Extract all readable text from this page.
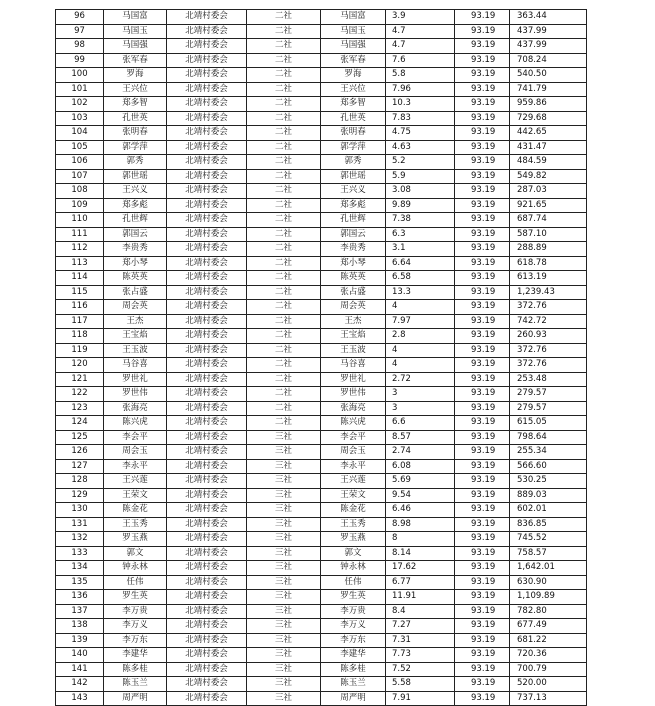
96	马国富	北靖村委会	二社	马国富	3.9	93.19	363.44
97	马国玉	北靖村委会	二社	马国玉	4.7	93.19	437.99
98	马国强	北靖村委会	二社	马国强	4.7	93.19	437.99
99	张军春	北靖村委会	二社	张军春	7.6	93.19	708.24
100	罗海	北靖村委会	二社	罗海	5.8	93.19	540.50
101	王兴位	北靖村委会	二社	王兴位	7.96	93.19	741.79
102	郑多智	北靖村委会	二社	郑多智	10.3	93.19	959.86
103	孔世英	北靖村委会	二社	孔世英	7.83	93.19	729.68
104	张明春	北靖村委会	二社	张明春	4.75	93.19	442.65
105	郭学萍	北靖村委会	二社	郭学萍	4.63	93.19	431.47
106	郭秀	北靖村委会	二社	郭秀	5.2	93.19	484.59
107	郭世瑶	北靖村委会	二社	郭世瑶	5.9	93.19	549.82
108	王兴义	北靖村委会	二社	王兴义	3.08	93.19	287.03
109	郑多彪	北靖村委会	二社	郑多彪	9.89	93.19	921.65
110	孔世辉	北靖村委会	二社	孔世辉	7.38	93.19	687.74
111	郭国云	北靖村委会	二社	郭国云	6.3	93.19	587.10
112	李贵秀	北靖村委会	二社	李贵秀	3.1	93.19	288.89
113	郑小琴	北靖村委会	二社	郑小琴	6.64	93.19	618.78
114	陈英英	北靖村委会	二社	陈英英	6.58	93.19	613.19
115	张占盛	北靖村委会	二社	张占盛	13.3	93.19	1,239.43
116	周会英	北靖村委会	二社	周会英	4	93.19	372.76
117	王杰	北靖村委会	二社	王杰	7.97	93.19	742.72
118	王宝焰	北靖村委会	二社	王宝焰	2.8	93.19	260.93
119	王玉波	北靖村委会	二社	王玉波	4	93.19	372.76
120	马谷喜	北靖村委会	二社	马谷喜	4	93.19	372.76
121	罗世礼	北靖村委会	二社	罗世礼	2.72	93.19	253.48
122	罗世伟	北靖村委会	二社	罗世伟	3	93.19	279.57
123	张海亮	北靖村委会	二社	张海亮	3	93.19	279.57
124	陈兴虎	北靖村委会	二社	陈兴虎	6.6	93.19	615.05
125	李会平	北靖村委会	三社	李会平	8.57	93.19	798.64
126	周会玉	北靖村委会	三社	周会玉	2.74	93.19	255.34
127	李永平	北靖村委会	三社	李永平	6.08	93.19	566.60
128	王兴莲	北靖村委会	三社	王兴莲	5.69	93.19	530.25
129	王荣文	北靖村委会	三社	王荣文	9.54	93.19	889.03
130	陈金花	北靖村委会	三社	陈金花	6.46	93.19	602.01
131	王玉秀	北靖村委会	三社	王玉秀	8.98	93.19	836.85
132	罗玉燕	北靖村委会	三社	罗玉燕	8	93.19	745.52
133	郭文	北靖村委会	三社	郭文	8.14	93.19	758.57
134	钟永林	北靖村委会	三社	钟永林	17.62	93.19	1,642.01
135	任伟	北靖村委会	三社	任伟	6.77	93.19	630.90
136	罗生英	北靖村委会	三社	罗生英	11.91	93.19	1,109.89
137	李万贵	北靖村委会	三社	李万贵	8.4	93.19	782.80
138	李万义	北靖村委会	三社	李万义	7.27	93.19	677.49
139	李万东	北靖村委会	三社	李万东	7.31	93.19	681.22
140	李建华	北靖村委会	三社	李建华	7.73	93.19	720.36
141	陈多桂	北靖村委会	三社	陈多桂	7.52	93.19	700.79
142	陈玉兰	北靖村委会	三社	陈玉兰	5.58	93.19	520.00
143	周严明	北靖村委会	三社	周严明	7.91	93.19	737.13
